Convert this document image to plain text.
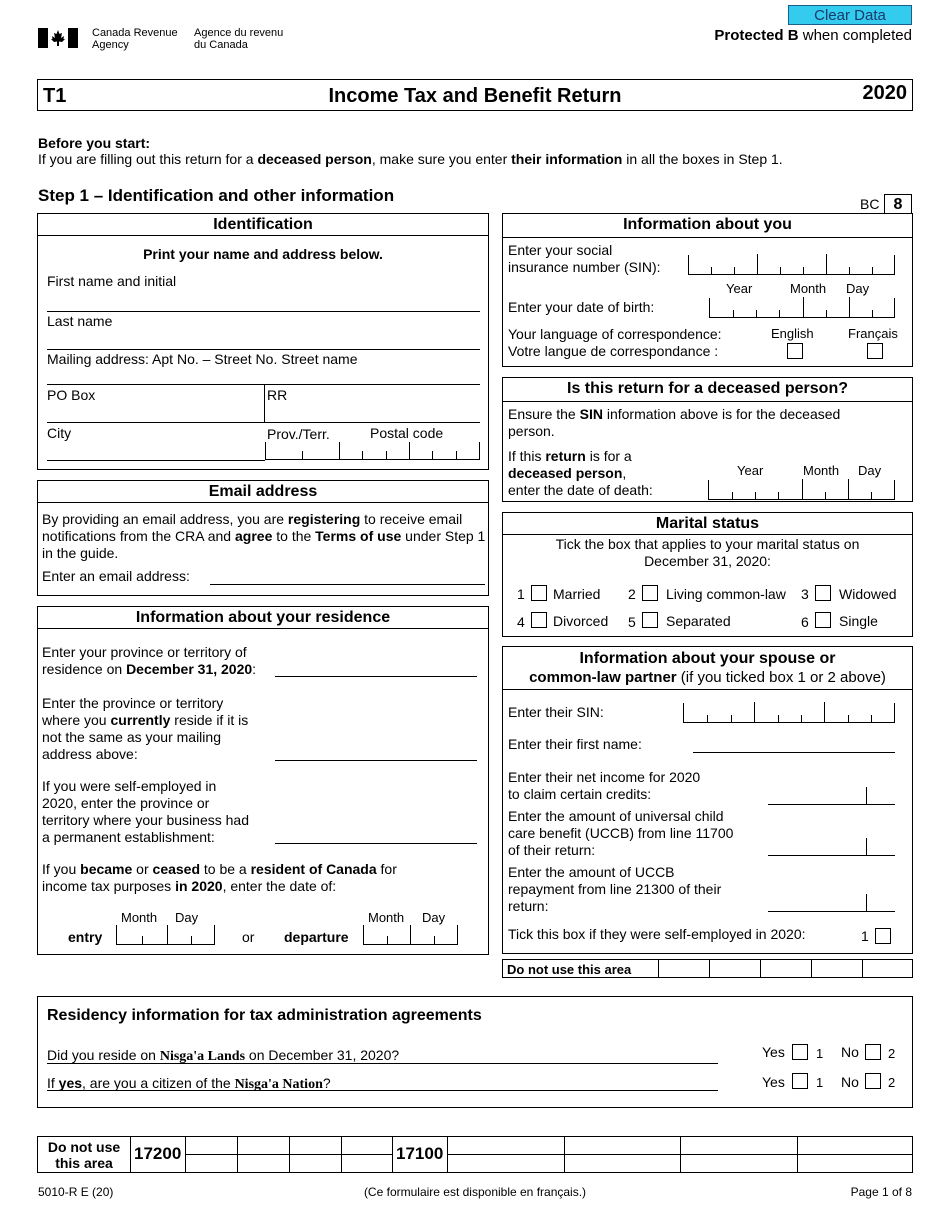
Canada Revenue
Agency
Agence du revenu
du Canada
Clear Data
Protected B when completed
T1	Income Tax and Benefit Return	2020
Before you start:
If you are filling out this return for a deceased person, make sure you enter their information in all the boxes in Step 1.
Step 1 – Identification and other information	BC 8
Identification
Print your name and address below.
First name and initial
Last name
Mailing address: Apt No. – Street No. Street name
PO Box	RR
City	Prov./Terr.	Postal code
Email address
By providing an email address, you are registering to receive email notifications from the CRA and agree to the Terms of use under Step 1 in the guide.
Enter an email address:
Information about your residence
Enter your province or territory of
residence on December 31, 2020:
Enter the province or territory
where you currently reside if it is
not the same as your mailing
address above:
If you were self-employed in
2020, enter the province or
territory where your business had
a permanent establishment:
If you became or ceased to be a resident of Canada for
income tax purposes in 2020, enter the date of:
Month Day
entry	or
Month Day
departure
Information about you
Enter your social
insurance number (SIN):
Year	Month Day
Enter your date of birth:
Your language of correspondence:
Votre langue de correspondance :
English	Français
Is this return for a deceased person?
Ensure the SIN information above is for the deceased
person.
If this return is for a
deceased person,
enter the date of death:
Year	Month Day
Marital status
Tick the box that applies to your marital status on
December 31, 2020:
1 Married 2 Living common-law 3 Widowed
4 Divorced 5 Separated	6 Single
Information about your spouse or
common-law partner (if you ticked box 1 or 2 above)
Enter their SIN:
Enter their first name:
Enter their net income for 2020
to claim certain credits:
Enter the amount of universal child
care benefit (UCCB) from line 11700
of their return:
Enter the amount of UCCB
repayment from line 21300 of their
return:
Tick this box if they were self-employed in 2020:	1
Do not use this area
Residency information for tax administration agreements
Did you reside on Nisga'a Lands on December 31, 2020?	Yes 1 No 2
If yes, are you a citizen of the Nisga'a Nation?	Yes 1 No 2
Do not use
this area	17200	17100
5010-R E (20)	(Ce formulaire est disponible en français.)	Page 1 of 8
